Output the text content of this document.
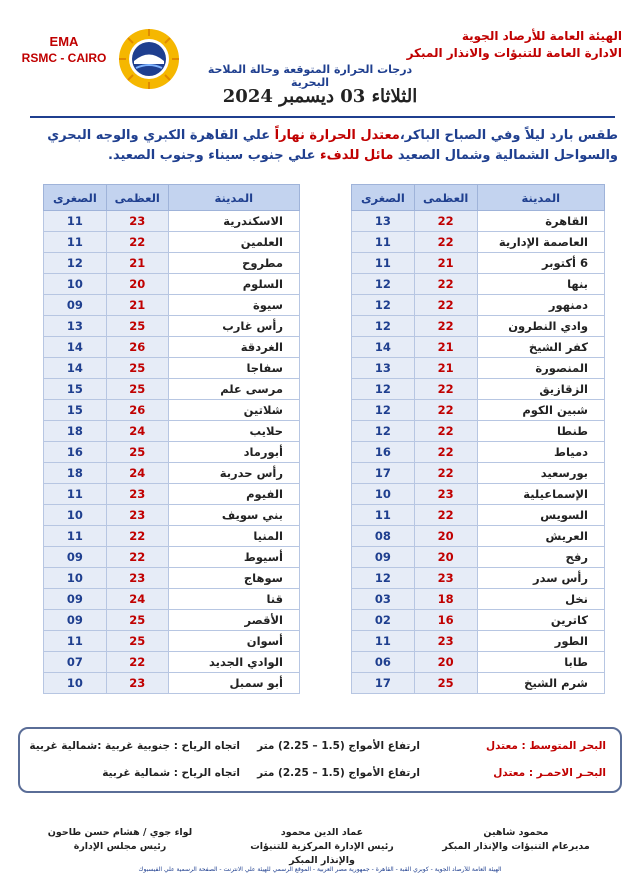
EMA
RSMC - CAIRO
الهيئة العامة للأرصاد الجوية
الادارة العامة للتنبؤات والانذار المبكر
درجات الحرارة المتوقعة وحالة الملاحة البحرية
الثلاثاء 03 ديسمبر 2024
طقس بارد ليلاً وفي الصباح الباكر،معتدل الحرارة نهاراً علي القاهرة الكبري والوجه البحري والسواحل الشمالية وشمال الصعيد مائل للدفء علي جنوب سيناء وجنوب الصعيد.
المدينة	العظمى	الصغرى
القاهرة	22	13
العاصمة الإدارية	22	11
6 أكتوبر	21	11
بنها	22	12
دمنهور	22	12
وادي النطرون	22	12
كفر الشيخ	21	14
المنصورة	21	13
الزقازيق	22	12
شبين الكوم	22	12
طنطا	22	12
دمياط	22	16
بورسعيد	22	17
الإسماعيلية	23	10
السويس	22	11
العريش	20	08
رفح	20	09
رأس سدر	23	12
نخل	18	03
كاترين	16	02
الطور	23	11
طابا	20	06
شرم الشيخ	25	17
المدينة	العظمى	الصغرى
الاسكندرية	23	11
العلمين	22	11
مطروح	21	12
السلوم	20	10
سيوة	21	09
رأس غارب	25	13
الغردقة	26	14
سفاجا	25	14
مرسى علم	25	15
شلاتين	26	15
حلايب	24	18
أبورماد	25	16
رأس حدربة	24	18
الفيوم	23	11
بني سويف	23	10
المنيا	22	11
أسيوط	22	09
سوهاج	23	10
قنا	24	09
الأقصر	25	09
أسوان	25	11
الوادي الجديد	22	07
أبو سمبل	23	10
البحر المتوسط : معتدل
ارتفاع الأمواج (1.5 – 2.25) متر
اتجاه الرياح : جنوبية غربية :شمالية غربية
البحـر الاحمـر : معتدل
ارتفاع الأمواج (1.5 – 2.25) متر
اتجاه الرياح : شمالية غربية
محمود شاهين
مديرعام التنبؤات والإنذار المبكر
عماد الدين محمود
رئيس الإدارة المركزية للتنبؤات والإنذار المبكر
لواء جوي / هشام حسن طاحون
رئيس مجلس الإدارة
الهيئة العامة للأرصاد الجوية - كوبري القبة - القاهرة - جمهورية مصر العربية - الموقع الرسمي للهيئة علي الانترنت - الصفحة الرسمية علي الفيسبوك
